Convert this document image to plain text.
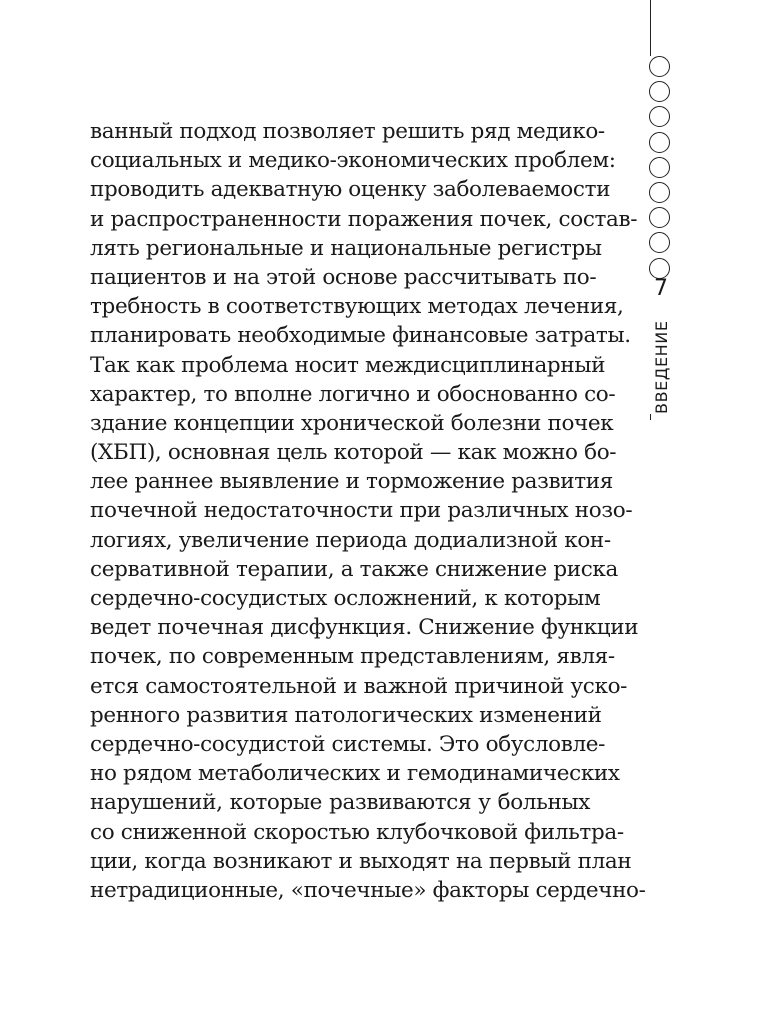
7
ВВЕДЕНИЕ
ванный подход позволяет решить ряд медико-
социальных и медико-экономических проблем:
проводить адекватную оценку заболеваемости
и распространенности поражения почек, состав-
лять региональные и национальные регистры
пациентов и на этой основе рассчитывать по-
требность в соответствующих методах лечения,
планировать необходимые финансовые затраты.
Так как проблема носит междисциплинарный
характер, то вполне логично и обоснованно со-
здание концепции хронической болезни почек
(ХБП), основная цель которой — как можно бо-
лее раннее выявление и торможение развития
почечной недостаточности при различных нозо-
логиях, увеличение периода додиализной кон-
сервативной терапии, а также снижение риска
сердечно-сосудистых осложнений, к которым
ведет почечная дисфункция. Снижение функции
почек, по современным представлениям, явля-
ется самостоятельной и важной причиной уско-
ренного развития патологических изменений
сердечно-сосудистой системы. Это обусловле-
но рядом метаболических и гемодинамических
нарушений, которые развиваются у больных
со сниженной скоростью клубочковой фильтра-
ции, когда возникают и выходят на первый план
нетрадиционные, «почечные» факторы сердечно-
